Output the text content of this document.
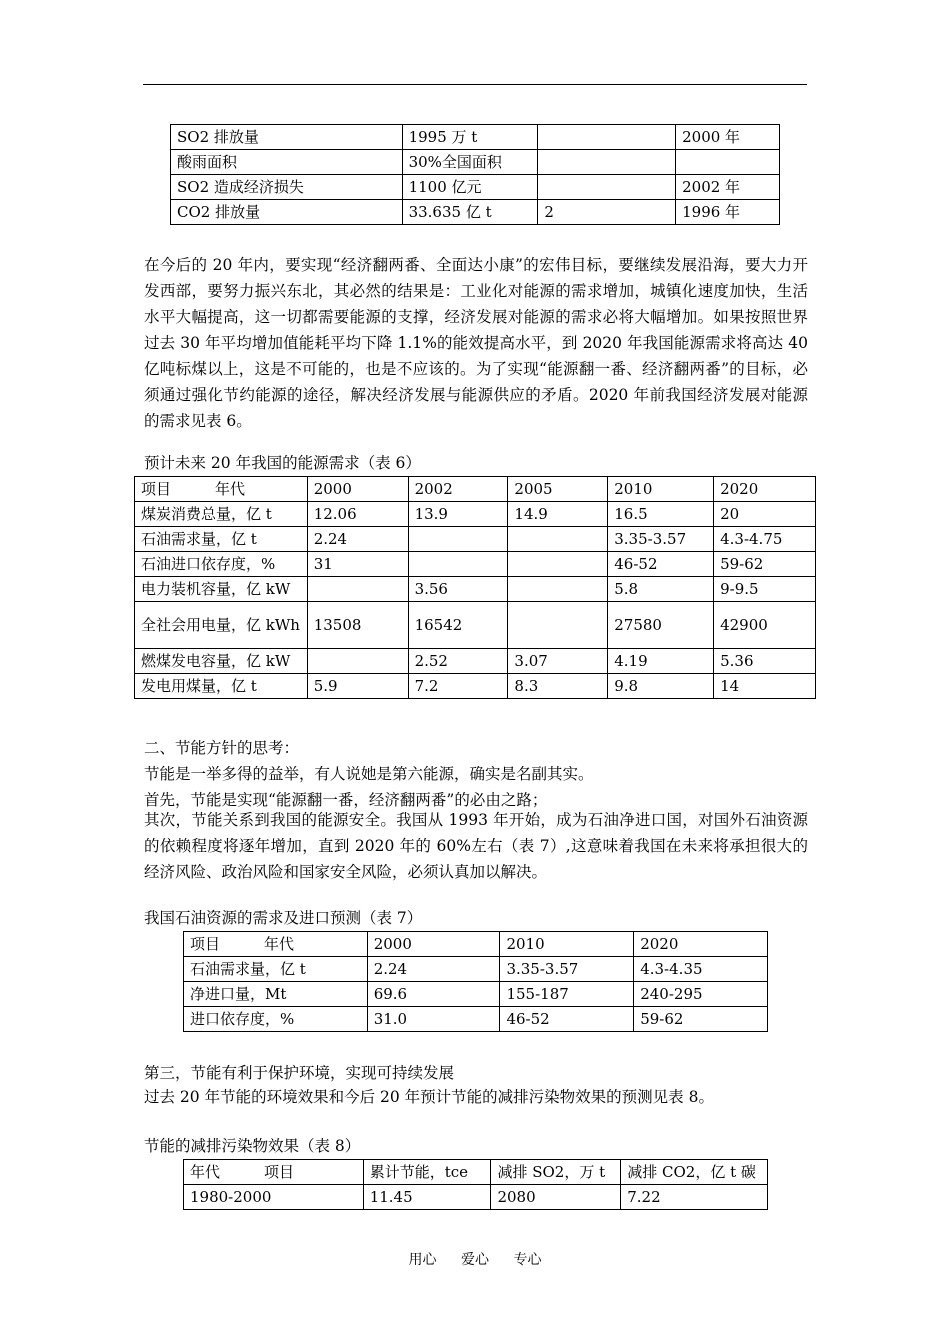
SO2 排放量	1995 万 t		2000 年
酸雨面积	30%全国面积		
SO2 造成经济损失	1100 亿元		2002 年
CO2 排放量	33.635 亿 t	2	1996 年
在今后的 20 年内，要实现“经济翻两番、全面达小康”的宏伟目标，要继续发展沿海，要大力开发西部，要努力振兴东北，其必然的结果是：工业化对能源的需求增加，城镇化速度加快，生活水平大幅提高，这一切都需要能源的支撑，经济发展对能源的需求必将大幅增加。如果按照世界过去 30 年平均增加值能耗平均下降 1.1%的能效提高水平，到 2020 年我国能源需求将高达 40 亿吨标煤以上，这是不可能的，也是不应该的。为了实现“能源翻一番、经济翻两番”的目标，必须通过强化节约能源的途径，解决经济发展与能源供应的矛盾。2020 年前我国经济发展对能源的需求见表 6。
预计未来 20 年我国的能源需求（表 6）
项目 年代	2000	2002	2005	2010	2020
煤炭消费总量，亿 t	12.06	13.9	14.9	16.5	20
石油需求量，亿 t	2.24			3.35-3.57	4.3-4.75
石油进口依存度，%	31			46-52	59-62
电力装机容量，亿 kW		3.56		5.8	9-9.5
全社会用电量，亿 kWh	13508	16542		27580	42900
燃煤发电容量，亿 kW		2.52	3.07	4.19	5.36
发电用煤量，亿 t	5.9	7.2	8.3	9.8	14
二、节能方针的思考：
节能是一举多得的益举，有人说她是第六能源，确实是名副其实。
首先，节能是实现“能源翻一番，经济翻两番”的必由之路；
其次，节能关系到我国的能源安全。我国从 1993 年开始，成为石油净进口国，对国外石油资源的依赖程度将逐年增加，直到 2020 年的 60%左右（表 7）,这意味着我国在未来将承担很大的经济风险、政治风险和国家安全风险，必须认真加以解决。
我国石油资源的需求及进口预测（表 7）
项目 年代	2000	2010	2020
石油需求量，亿 t	2.24	3.35-3.57	4.3-4.35
净进口量，Mt	69.6	155-187	240-295
进口依存度，%	31.0	46-52	59-62
第三，节能有利于保护环境，实现可持续发展
过去 20 年节能的环境效果和今后 20 年预计节能的减排污染物效果的预测见表 8。
节能的减排污染物效果（表 8）
年代 项目	累计节能，tce	减排 SO2，万 t	减排 CO2，亿 t 碳
1980-2000	11.45	2080	7.22
用心 爱心 专心
